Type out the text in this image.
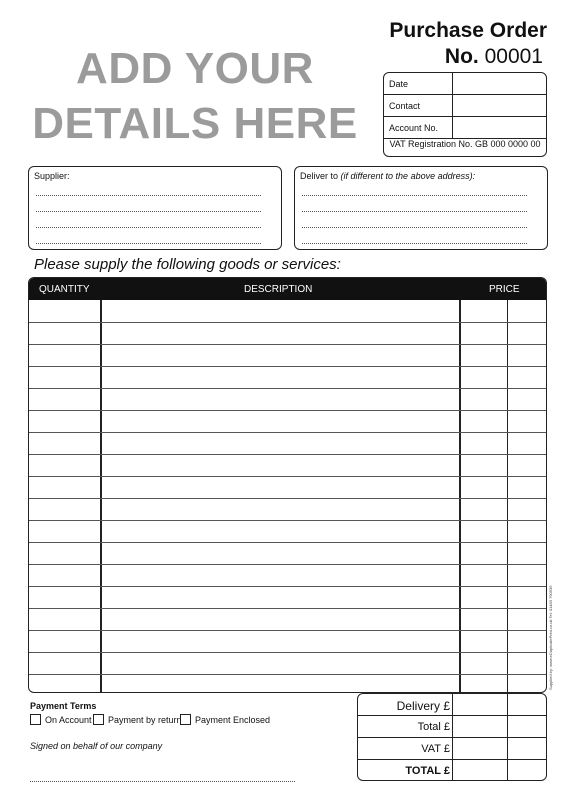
ADD YOUR
DETAILS HERE
Purchase Order
No. 00001
Date
Contact
Account No.
VAT Registration No. GB 000 0000 00
Supplier:	Deliver to (if different to the above address):
Please supply the following goods or services:
QUANTITY	DESCRIPTION	PRICE
Payment Terms
On Account	Payment by return	Payment Enclosed
Signed on behalf of our company
Delivery £
Total £
VAT £
TOTAL £
Supplied by: www.eDuplicatePrint.co.uk Tel: 01483 790936
